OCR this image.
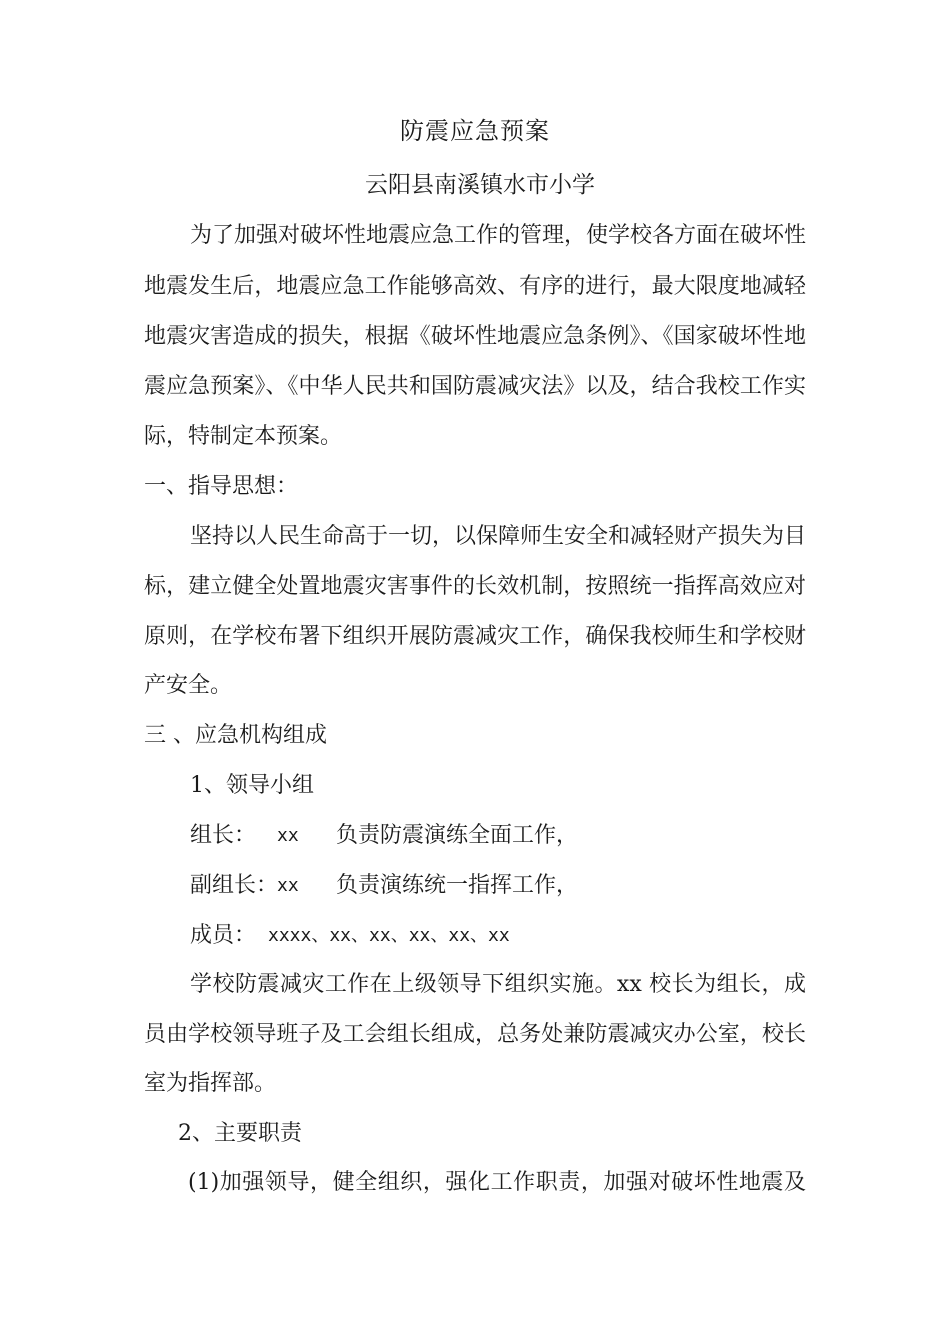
防震应急预案
云阳县南溪镇水市小学
为了加强对破坏性地震应急工作的管理，使学校各方面在破坏性
地震发生后，地震应急工作能够高效、有序的进行，最大限度地减轻
地震灾害造成的损失，根据《破坏性地震应急条例》、《国家破坏性地
震应急预案》、《中华人民共和国防震减灾法》以及，结合我校工作实
际，特制定本预案。
一、指导思想：
坚持以人民生命高于一切，以保障师生安全和减轻财产损失为目
标，建立健全处置地震灾害事件的长效机制，按照统一指挥高效应对
原则，在学校布署下组织开展防震减灾工作，确保我校师生和学校财
产安全。
三 、应急机构组成
1、领导小组
组长： xx 负责防震演练全面工作，
副组长：
xx 负责演练统一指挥工作，
成员： xxxx、xx、xx、xx、xx、xx
学校防震减灾工作在上级领导下组织实施。xx 校长为组长，成
员由学校领导班子及工会组长组成，总务处兼防震减灾办公室，校长
室为指挥部。
2、主要职责
(1)加强领导，健全组织，强化工作职责，加强对破坏性地震及
